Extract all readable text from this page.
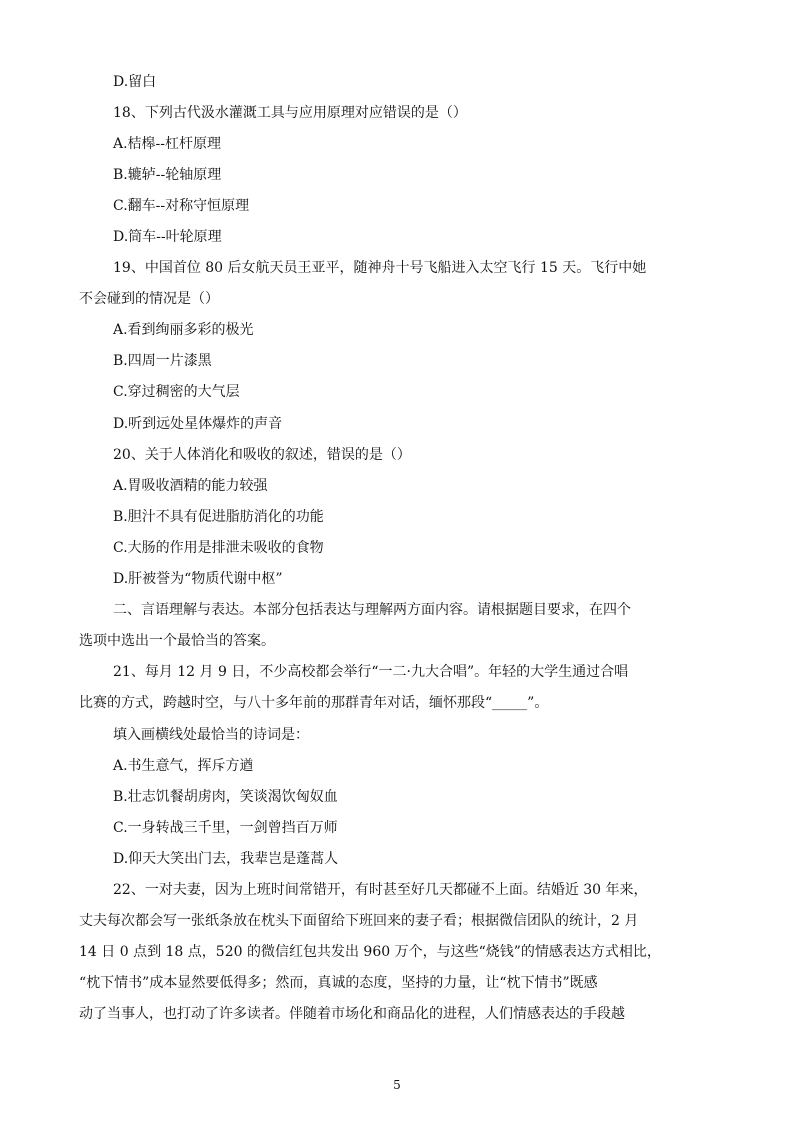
D.留白
18、下列古代汲水灌溉工具与应用原理对应错误的是（）
A.桔槔--杠杆原理
B.辘轳--轮轴原理
C.翻车--对称守恒原理
D.筒车--叶轮原理
19、中国首位 80 后女航天员王亚平，随神舟十号飞船进入太空飞行 15 天。飞行中她
不会碰到的情况是（）
A.看到绚丽多彩的极光
B.四周一片漆黑
C.穿过稠密的大气层
D.听到远处星体爆炸的声音
20、关于人体消化和吸收的叙述，错误的是（）
A.胃吸收酒精的能力较强
B.胆汁不具有促进脂肪消化的功能
C.大肠的作用是排泄未吸收的食物
D.肝被誉为“物质代谢中枢”
二、言语理解与表达。本部分包括表达与理解两方面内容。请根据题目要求，在四个
选项中选出一个最恰当的答案。
21、每月 12 月 9 日，不少高校都会举行“一二·九大合唱”。年轻的大学生通过合唱
比赛的方式，跨越时空，与八十多年前的那群青年对话，缅怀那段“_____”。
填入画横线处最恰当的诗词是：
A.书生意气，挥斥方遒
B.壮志饥餐胡虏肉，笑谈渴饮匈奴血
C.一身转战三千里，一剑曾挡百万师
D.仰天大笑出门去，我辈岂是蓬蒿人
22、一对夫妻，因为上班时间常错开，有时甚至好几天都碰不上面。结婚近 30 年来，
丈夫每次都会写一张纸条放在枕头下面留给下班回来的妻子看；根据微信团队的统计，2 月
14 日 0 点到 18 点，520 的微信红包共发出 960 万个，与这些“烧钱”的情感表达方式相比，
“枕下情书”成本显然要低得多；然而，真诚的态度，坚持的力量，让“枕下情书”既感
动了当事人，也打动了许多读者。伴随着市场化和商品化的进程，人们情感表达的手段越
5
